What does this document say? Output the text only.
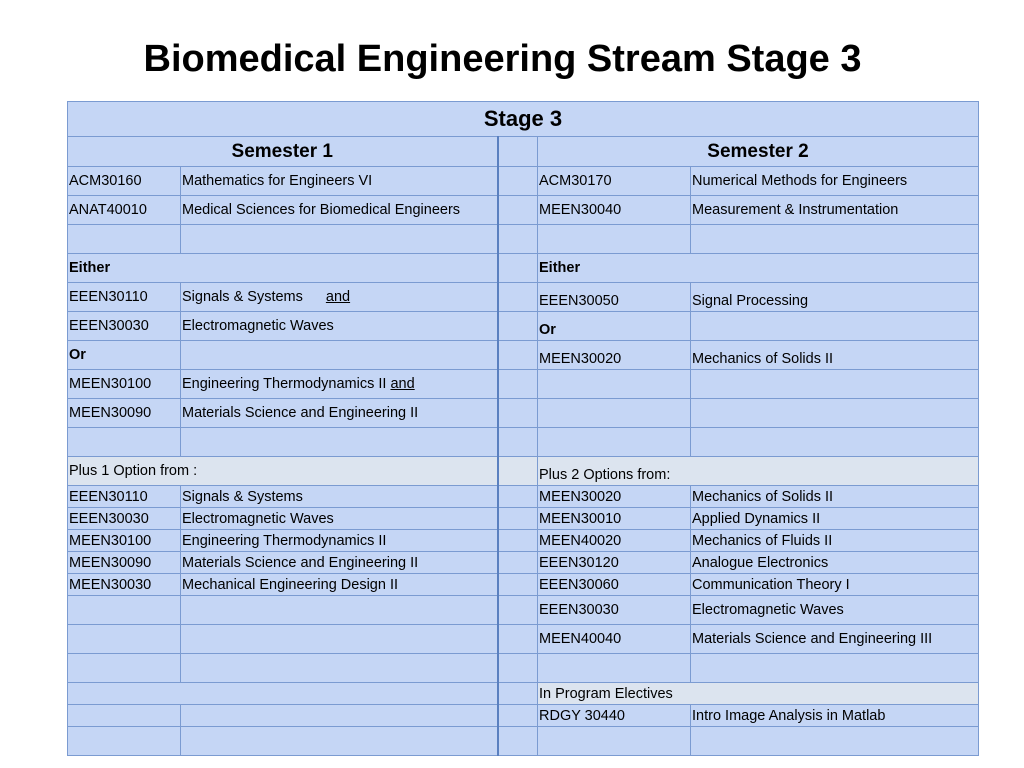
Biomedical Engineering Stream Stage 3
Stage 3				
Semester 1			Semester 2	
ACM30160	Mathematics for Engineers VI		ACM30170	Numerical Methods for Engineers
ANAT40010	Medical Sciences for Biomedical Engineers		MEEN30040	Measurement & Instrumentation

Either			Either	
EEEN30110	Signals & Systems and		EEEN30050	Signal Processing
EEEN30030	Electromagnetic Waves		Or	
Or			MEEN30020	Mechanics of Solids II
MEEN30100	Engineering Thermodynamics II and			
MEEN30090	Materials Science and Engineering II			

Plus 1 Option from :			Plus 2 Options from:	
EEEN30110	Signals & Systems		MEEN30020	Mechanics of Solids II
EEEN30030	Electromagnetic Waves		MEEN30010	Applied Dynamics II
MEEN30100	Engineering Thermodynamics II		MEEN40020	Mechanics of Fluids II
MEEN30090	Materials Science and Engineering II		EEEN30120	Analogue Electronics
MEEN30030	Mechanical Engineering Design II		EEEN30060	Communication Theory I
			EEEN30030	Electromagnetic Waves
			MEEN40040	Materials Science and Engineering III

			In Program Electives	
			RDGY 30440	Intro Image Analysis in Matlab
